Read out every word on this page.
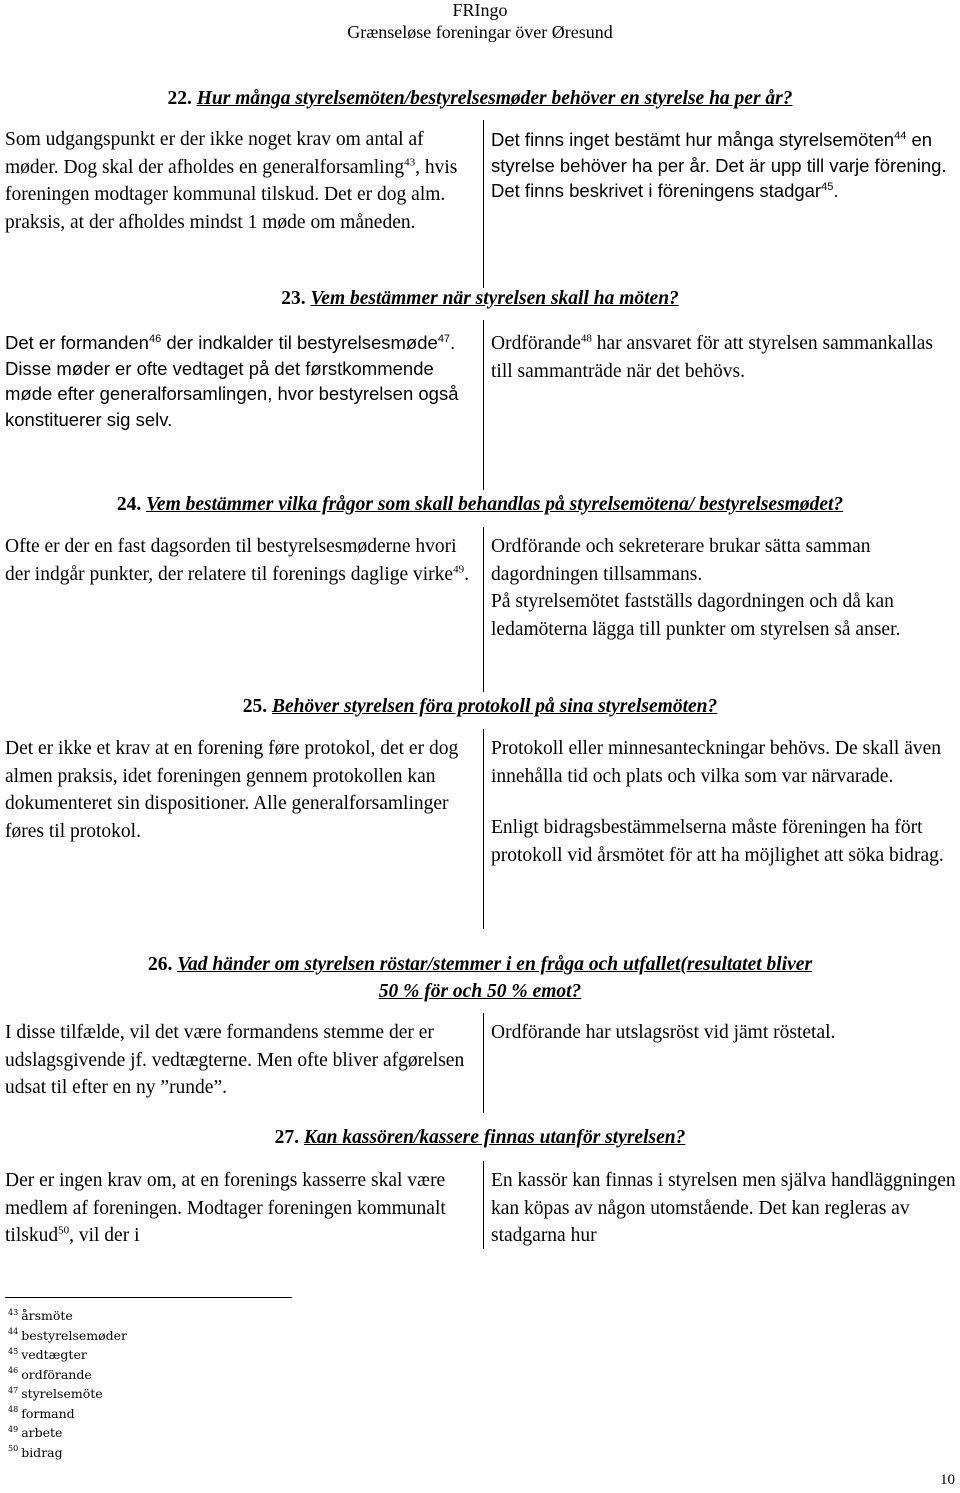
FRIngo
Grænseløse foreningar över Øresund
22. Hur många styrelsemöten/bestyrelsesmøder behöver en styrelse ha per år?
Som udgangspunkt er der ikke noget krav om antal af møder. Dog skal der afholdes en generalforsamling$^{43}$, hvis foreningen modtager kommunal tilskud. Det er dog alm. praksis, at der afholdes mindst 1 møde om måneden.
Det finns inget bestämt hur många styrelsemöten$^{44}$ en styrelse behöver ha per år. Det är upp till varje förening. Det finns beskrivet i föreningens stadgar$^{45}$.
23. Vem bestämmer när styrelsen skall ha möten?
Det er formanden$^{46}$ der indkalder til bestyrelsesmøde$^{47}$. Disse møder er ofte vedtaget på det førstkommende møde efter generalforsamlingen, hvor bestyrelsen også konstituerer sig selv.
Ordförande$^{48}$ har ansvaret för att styrelsen sammankallas till sammanträde när det behövs.
24. Vem bestämmer vilka frågor som skall behandlas på styrelsemötena/ bestyrelsesmødet?
Ofte er der en fast dagsorden til bestyrelsesmøderne hvori der indgår punkter, der relatere til forenings daglige virke$^{49}$.

Ordförande och sekreterare brukar sätta samman dagordningen tillsammans.

På styrelsemötet fastställs dagordningen och då kan ledamöterna lägga till punkter om styrelsen så anser.

25. Behöver styrelsen föra protokoll på sina styrelsemöten?
Det er ikke et krav at en forening føre protokol, det er dog almen praksis, idet foreningen gennem protokollen kan dokumenteret sin dispositioner. Alle generalforsamlinger føres til protokol.

Protokoll eller minnesanteckningar behövs. De skall även innehålla tid och plats och vilka som var närvarade.

Enligt bidragsbestämmelserna måste föreningen ha fört protokoll vid årsmötet för att ha möjlighet att söka bidrag.

26. Vad händer om styrelsen röstar/stemmer i en fråga och utfallet(resultatet bliver
50 % för och 50 % emot?
I disse tilfælde, vil det være formandens stemme der er udslagsgivende jf. vedtægterne. Men ofte bliver afgørelsen udsat til efter en ny ”runde”.
Ordförande har utslagsröst vid jämt röstetal.
27. Kan kassören/kassere finnas utanför styrelsen?
Der er ingen krav om, at en forenings kasserre skal være medlem af foreningen. Modtager foreningen kommunalt tilskud$^{50}$, vil der i
En kassör kan finnas i styrelsen men själva handläggningen kan köpas av någon utomstående. Det kan regleras av stadgarna hur
$^{43}$ årsmöte
$^{44}$ bestyrelsemøder
$^{45}$ vedtægter
$^{46}$ ordförande
$^{47}$ styrelsemöte
$^{48}$ formand
$^{49}$ arbete
$^{50}$ bidrag
10
